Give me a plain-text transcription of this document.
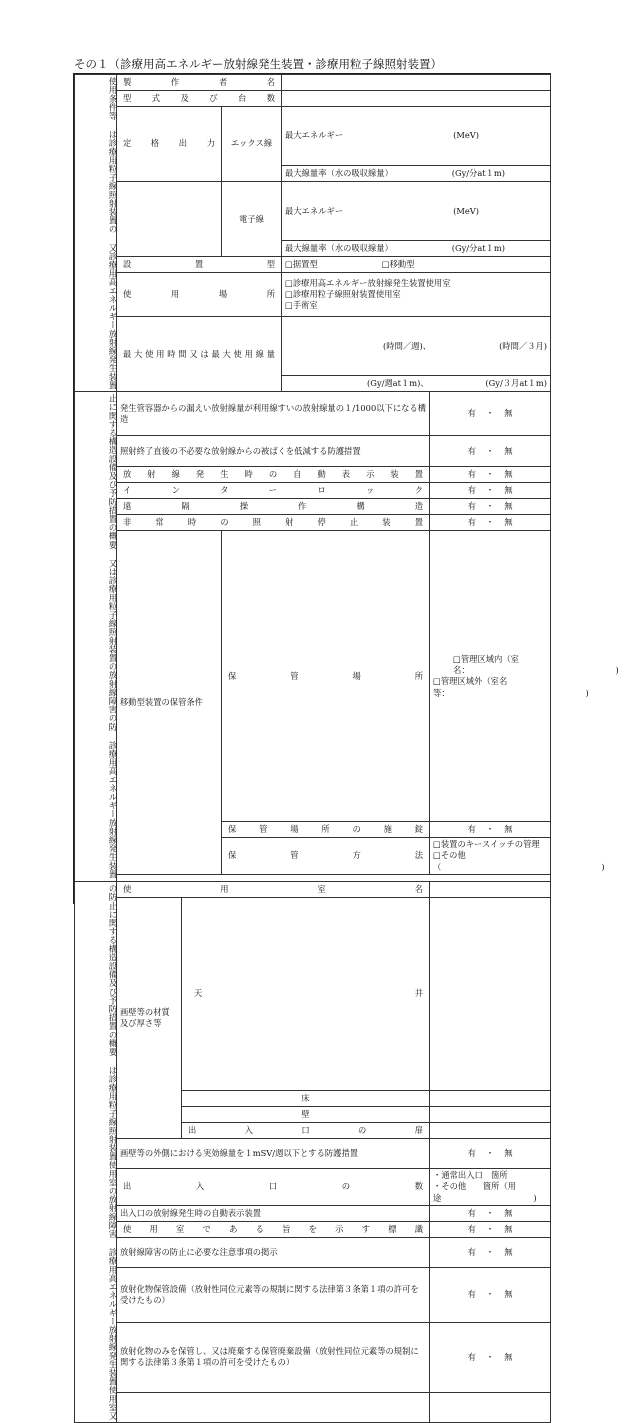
その１（診療用高エネルギー放射線発生装置・診療用粒子線照射装置）
使用条件等 は診療用粒子線照射装置の 又診療用高エネルギー放射線発生装置	製作者名				
	型式及び台数				
	定格出力		エックス線	最大エネルギー (MeV)	

				最大線量率（水の吸収線量） (Gy/分at１m)	

			電子線	最大エネルギー (MeV)	

				最大線量率（水の吸収線量） (Gy/分at１m)	

	設置型			□据置型 □移動型	
	使用場所			□診療用高エネルギー放射線発生装置使用室
□診療用粒子線照射装置使用室
□手術室	

	最大使用時間又は最大使用線量			(時間／週)、 (時間／３月)	

				(Gy/週at１m)、 (Gy/３月at１m)	

止に関する構造設備及び予防措置の概要 又は診療用粒子線照射装置の放射線障害の防 診療用高エネルギー放射線発生装置	発生管容器からの漏えい放射線量が利用線すいの放射線量の１/1000以下になる構造				有 ・ 無
	照射終了直後の不必要な放射線からの被ばくを低減する防護措置				有 ・ 無
	放射線発生時の自動表示装置				有 ・ 無
	インターロック				有 ・ 無
	遠隔操作構造				有 ・ 無
	非常時の照射停止装置				有 ・ 無
	移動型装置の保管条件		保管場所		□管理区域内（室名： )
□管理区域外（室名等： )

			保管場所の施錠		有 ・ 無
			保管方法		□装置のキースイッチの管理
□その他（ )

の防止に関する構造設備及び予防措置の概要 は診療用粒子線照射装置使用室の放射線障害 診療用高エネルギー放射線発生装置使用室又	使用室名				
	画壁等の材質及び厚さ等	天井			
		床			
		壁			
		出入口の扉			
	画壁等の外側における実効線量を１mSV/週以下とする防護措置				有 ・ 無
	出入口の数				・通常出入口　箇所
・その他　　箇所（用途 )

	出入口の放射線発生時の自動表示装置				有 ・ 無
	使用室である旨を示す標識				有 ・ 無
	放射線障害の防止に必要な注意事項の掲示				有 ・ 無
	放射化物保管設備（放射性同位元素等の規制に関する法律第３条第１項の許可を受けたもの）				有 ・ 無
	放射化物のみを保管し、又は廃棄する保管廃棄設備（放射性同位元素等の規制に関する法律第３条第１項の許可を受けたもの）				有 ・ 無
